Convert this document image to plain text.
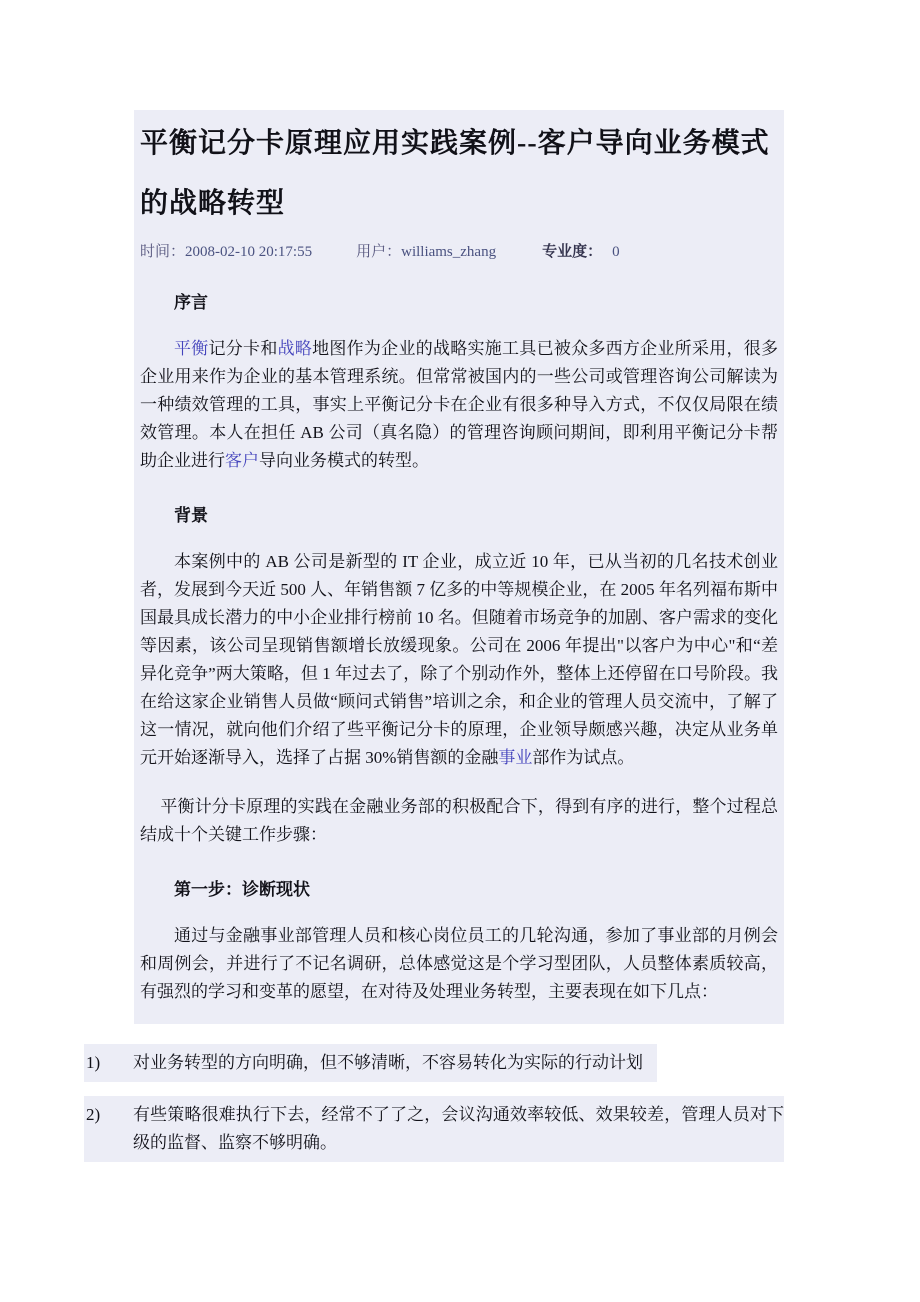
平衡记分卡原理应用实践案例--客户导向业务模式的战略转型
时间：2008-02-10 20:17:55	用户：williams_zhang	专业度： 0
序言

平衡记分卡和战略地图作为企业的战略实施工具已被众多西方企业所采用，很多企业用来作为企业的基本管理系统。但常常被国内的一些公司或管理咨询公司解读为一种绩效管理的工具，事实上平衡记分卡在企业有很多种导入方式，不仅仅局限在绩效管理。本人在担任 AB 公司（真名隐）的管理咨询顾问期间，即利用平衡记分卡帮助企业进行客户导向业务模式的转型。

背景

本案例中的 AB 公司是新型的 IT 企业，成立近 10 年，已从当初的几名技术创业者，发展到今天近 500 人、年销售额 7 亿多的中等规模企业，在 2005 年名列福布斯中国最具成长潜力的中小企业排行榜前 10 名。但随着市场竞争的加剧、客户需求的变化等因素，该公司呈现销售额增长放缓现象。公司在 2006 年提出"以客户为中心"和“差异化竞争”两大策略，但 1 年过去了，除了个别动作外，整体上还停留在口号阶段。我在给这家企业销售人员做“顾问式销售”培训之余，和企业的管理人员交流中，了解了这一情况，就向他们介绍了些平衡记分卡的原理，企业领导颇感兴趣，决定从业务单元开始逐渐导入，选择了占据 30%销售额的金融事业部作为试点。

平衡计分卡原理的实践在金融业务部的积极配合下，得到有序的进行，整个过程总结成十个关键工作步骤：

第一步：诊断现状

通过与金融事业部管理人员和核心岗位员工的几轮沟通，参加了事业部的月例会和周例会，并进行了不记名调研，总体感觉这是个学习型团队，人员整体素质较高，有强烈的学习和变革的愿望，在对待及处理业务转型，主要表现在如下几点：

1)	对业务转型的方向明确，但不够清晰，不容易转化为实际的行动计划
2)	有些策略很难执行下去，经常不了了之，会议沟通效率较低、效果较差，管理人员对下级的监督、监察不够明确。
